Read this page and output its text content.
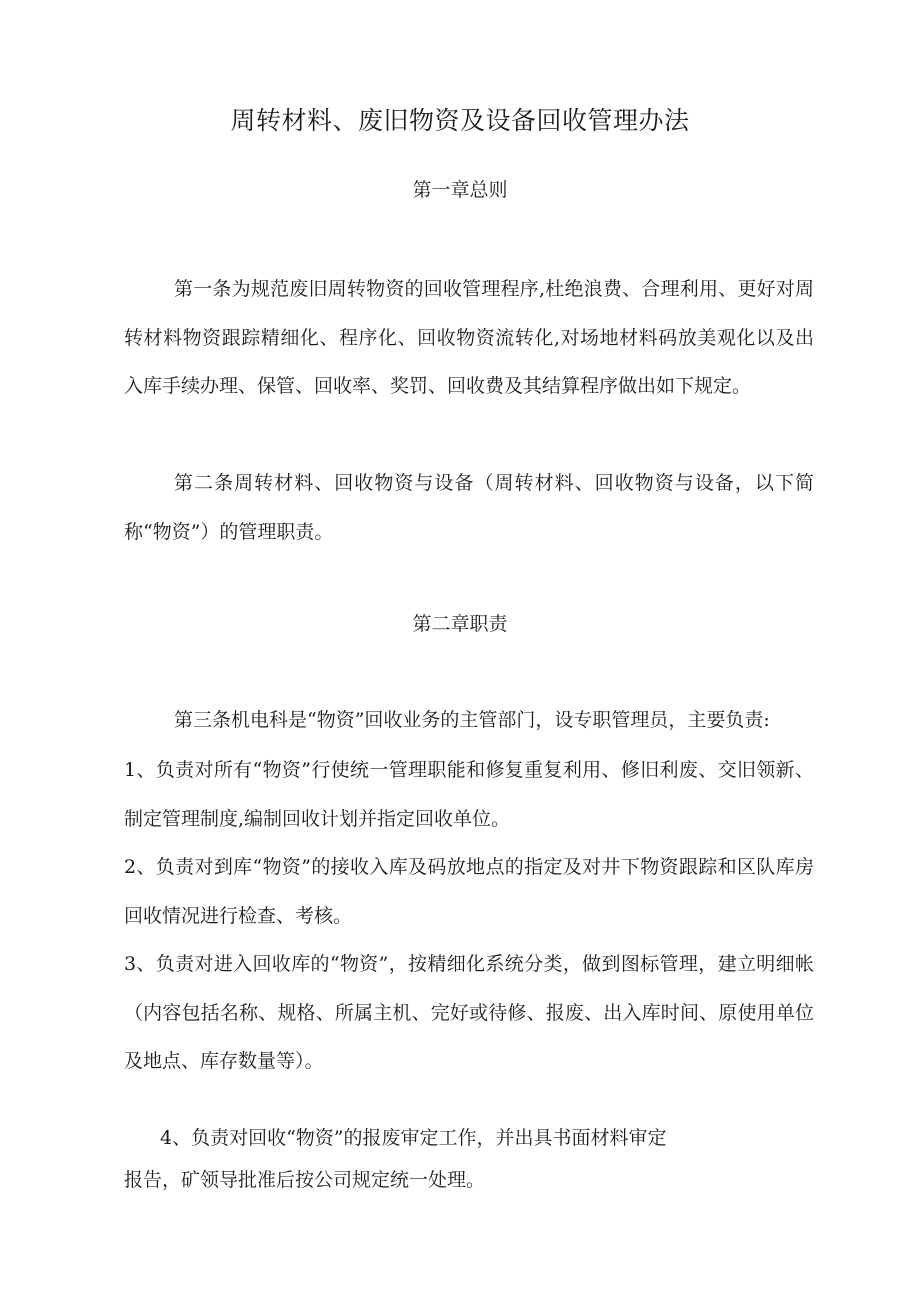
周转材料、废旧物资及设备回收管理办法
第一章总则

第一条为规范废旧周转物资的回收管理程序,杜绝浪费、合理利用、更好对周转材料物资跟踪精细化、程序化、回收物资流转化,对场地材料码放美观化以及出入库手续办理、保管、回收率、奖罚、回收费及其结算程序做出如下规定。

第二条周转材料、回收物资与设备（周转材料、回收物资与设备，以下简称“物资”）的管理职责。

第二章职责
第三条机电科是“物资”回收业务的主管部门，设专职管理员，主要负责:

1、负责对所有“物资”行使统一管理职能和修复重复利用、修旧利废、交旧领新、制定管理制度,编制回收计划并指定回收单位。

2、负责对到库“物资”的接收入库及码放地点的指定及对井下物资跟踪和区队库房回收情况进行检查、考核。

3、负责对进入回收库的“物资”，按精细化系统分类，做到图标管理，建立明细帐（内容包括名称、规格、所属主机、完好或待修、报废、出入库时间、原使用单位及地点、库存数量等）。

4、负责对回收“物资”的报废审定工作，并出具书面材料审定
报告，矿领导批准后按公司规定统一处理。
